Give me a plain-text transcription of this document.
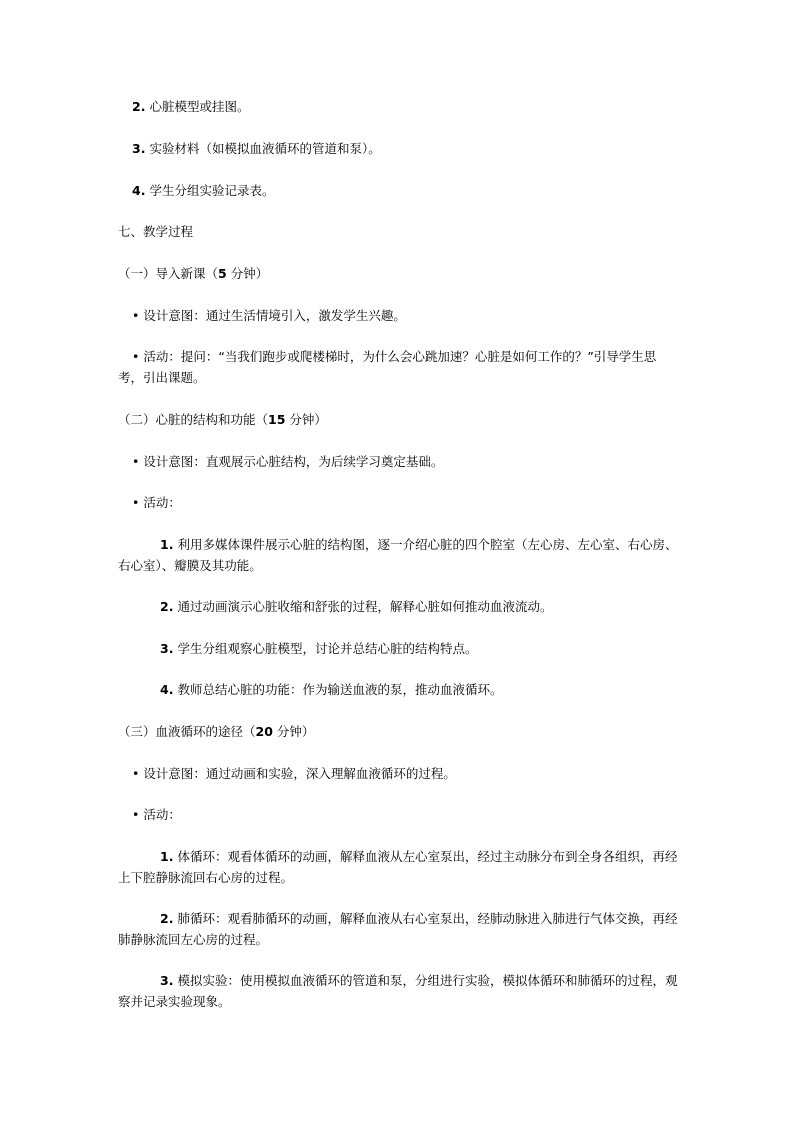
2. 心脏模型或挂图。

3. 实验材料（如模拟血液循环的管道和泵）。

4. 学生分组实验记录表。

七、教学过程

（一）导入新课（5 分钟）

• 设计意图：通过生活情境引入，激发学生兴趣。

• 活动：提问：“当我们跑步或爬楼梯时，为什么会心跳加速？心脏是如何工作的？”引导学生思考，引出课题。

（二）心脏的结构和功能（15 分钟）

• 设计意图：直观展示心脏结构，为后续学习奠定基础。

• 活动：

1. 利用多媒体课件展示心脏的结构图，逐一介绍心脏的四个腔室（左心房、左心室、右心房、右心室）、瓣膜及其功能。

2. 通过动画演示心脏收缩和舒张的过程，解释心脏如何推动血液流动。

3. 学生分组观察心脏模型，讨论并总结心脏的结构特点。

4. 教师总结心脏的功能：作为输送血液的泵，推动血液循环。

（三）血液循环的途径（20 分钟）

• 设计意图：通过动画和实验，深入理解血液循环的过程。

• 活动：

1. 体循环：观看体循环的动画，解释血液从左心室泵出，经过主动脉分布到全身各组织，再经上下腔静脉流回右心房的过程。

2. 肺循环：观看肺循环的动画，解释血液从右心室泵出，经肺动脉进入肺进行气体交换，再经肺静脉流回左心房的过程。

3. 模拟实验：使用模拟血液循环的管道和泵，分组进行实验，模拟体循环和肺循环的过程，观察并记录实验现象。
